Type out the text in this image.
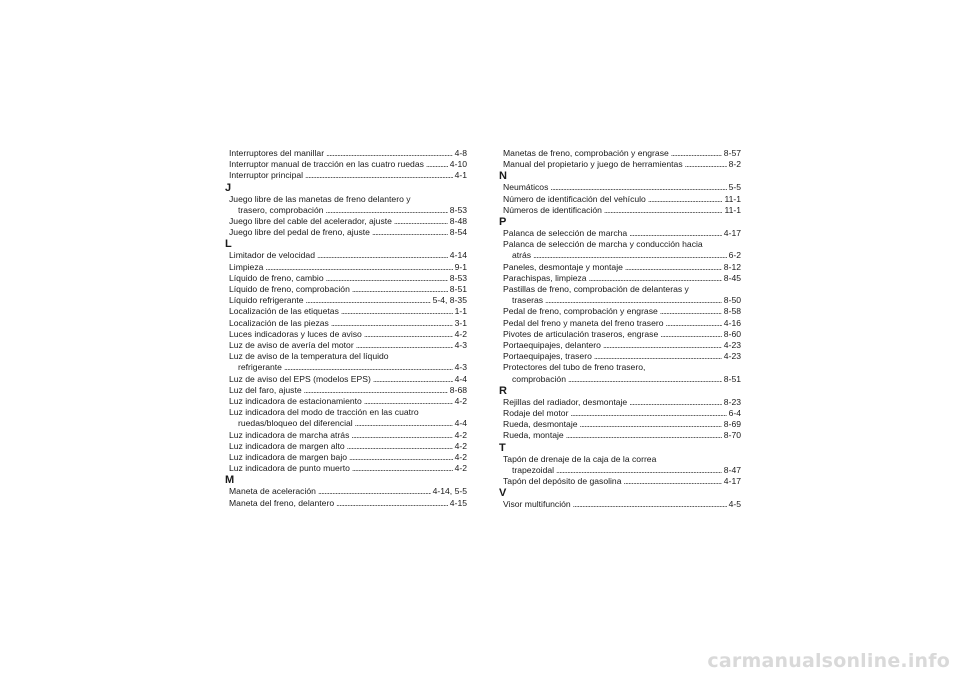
Interruptores del manillar . . .	4-8
Interruptor manual de tracción en las cuatro ruedas . . .	4-10
Interruptor principal . . .	4-1
J
Juego libre de las manetas de freno delantero y
trasero, comprobación . . .	8-53
Juego libre del cable del acelerador, ajuste . . .	8-48
Juego libre del pedal de freno, ajuste . . .	8-54
L
Limitador de velocidad . . .	4-14
Limpieza . . .	9-1
Líquido de freno, cambio . . .	8-53
Líquido de freno, comprobación . . .	8-51
Líquido refrigerante . . .	5-4, 8-35
Localización de las etiquetas . . .	1-1
Localización de las piezas . . .	3-1
Luces indicadoras y luces de aviso . . .	4-2
Luz de aviso de avería del motor . . .	4-3
Luz de aviso de la temperatura del líquido
refrigerante . . .	4-3
Luz de aviso del EPS (modelos EPS) . . .	4-4
Luz del faro, ajuste . . .	8-68
Luz indicadora de estacionamiento . . .	4-2
Luz indicadora del modo de tracción en las cuatro
ruedas/bloqueo del diferencial . . .	4-4
Luz indicadora de marcha atrás . . .	4-2
Luz indicadora de margen alto . . .	4-2
Luz indicadora de margen bajo . . .	4-2
Luz indicadora de punto muerto . . .	4-2
M
Maneta de aceleración . . .	4-14, 5-5
Maneta del freno, delantero . . .	4-15
Manetas de freno, comprobación y engrase . . .	8-57
Manual del propietario y juego de herramientas . . .	8-2
N
Neumáticos . . .	5-5
Número de identificación del vehículo . . .	11-1
Números de identificación . . .	11-1
P
Palanca de selección de marcha . . .	4-17
Palanca de selección de marcha y conducción hacia
atrás . . .	6-2
Paneles, desmontaje y montaje . . .	8-12
Parachispas, limpieza . . .	8-45
Pastillas de freno, comprobación de delanteras y
traseras . . .	8-50
Pedal de freno, comprobación y engrase . . .	8-58
Pedal del freno y maneta del freno trasero . . .	4-16
Pivotes de articulación traseros, engrase . . .	8-60
Portaequipajes, delantero . . .	4-23
Portaequipajes, trasero . . .	4-23
Protectores del tubo de freno trasero,
comprobación . . .	8-51
R
Rejillas del radiador, desmontaje . . .	8-23
Rodaje del motor . . .	6-4
Rueda, desmontaje . . .	8-69
Rueda, montaje . . .	8-70
T
Tapón de drenaje de la caja de la correa
trapezoidal . . .	8-47
Tapón del depósito de gasolina . . .	4-17
V
Visor multifunción . . .	4-5
carmanualsonline.info
